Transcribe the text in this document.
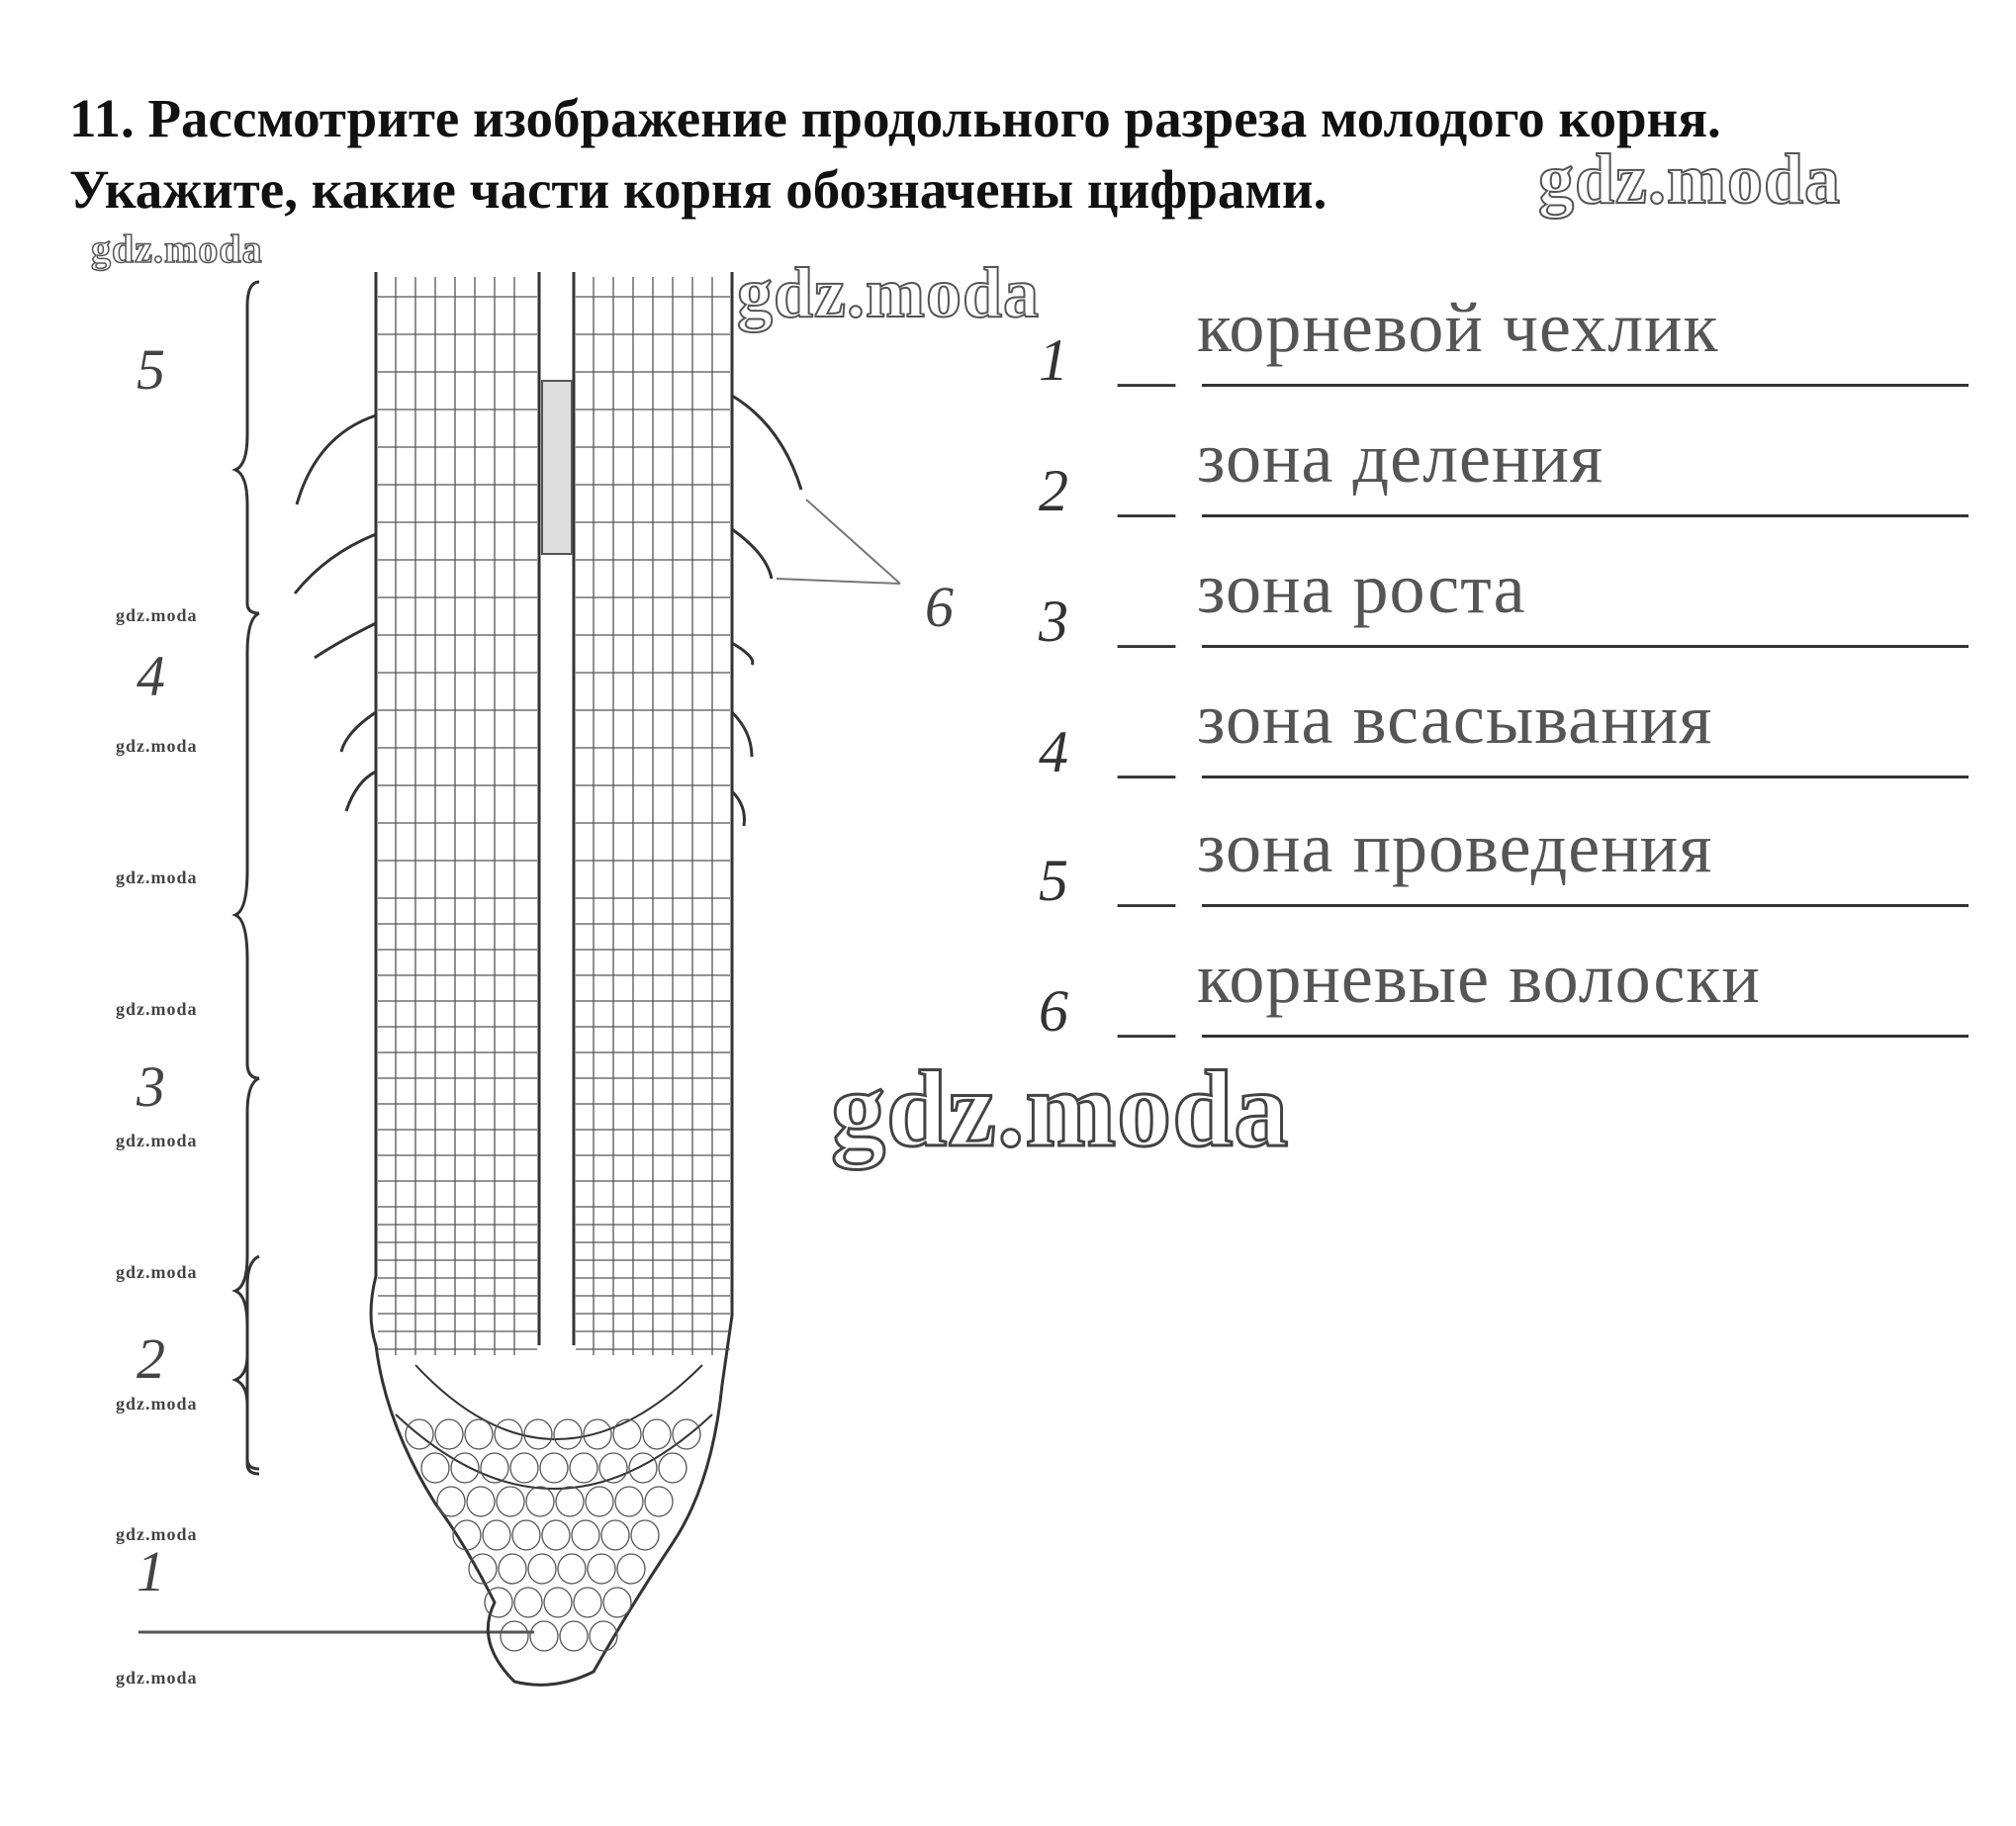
11. Рассмотрите изображение продольного разреза молодого корня.
Укажите, какие части корня обозначены цифрами.
5
4
3
2
1
6
1 —
корневой чехлик
2 —
зона деления
3 —
зона роста
4 —
зона всасывания
5 —
зона проведения
6 —
корневые волоски
gdz.moda
gdz.moda
gdz.moda
gdz.moda
gdz.moda
gdz.moda
gdz.moda
gdz.moda
gdz.moda
gdz.moda
gdz.moda
gdz.moda
gdz.moda
